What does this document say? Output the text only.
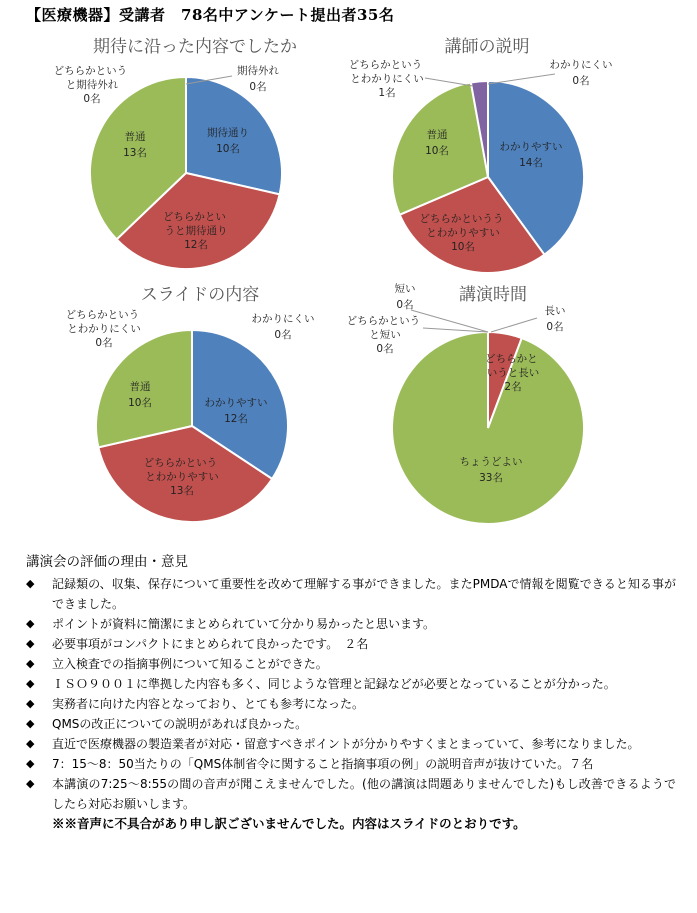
【医療機器】受講者　78名中アンケート提出者35名
期待に沿った内容でしたか
期待通り
10名
どちらかとい うと期待通り
12名
普通
13名
どちらかという と期待外れ
0名
期待外れ
0名
講師の説明
わかりやすい
14名
どちらかというう とわかりやすい
10名
普通
10名
どちらかという とわかりにくい
1名
わかりにくい
0名
スライドの内容
わかりやすい
12名
どちらかという とわかりやすい
13名
普通
10名
どちらかという とわかりにくい
0名
わかりにくい
0名
講演時間
ちょうどよい
33名
どちらかと いうと長い
2名
短い
0名
どちらかという と短い
0名
長い
0名
講演会の評価の理由・意見
◆ 記録類の、収集、保存について重要性を改めて理解する事ができました。またPMDAで情報を閲覧できると知る事ができました。
◆ ポイントが資料に簡潔にまとめられていて分かり易かったと思います。
◆ 必要事項がコンパクトにまとめられて良かったです。　２名
◆ 立入検査での指摘事例について知ることができた。
◆ ＩＳＯ９００１に準拠した内容も多く、同じような管理と記録などが必要となっていることが分かった。
◆ 実務者に向けた内容となっており、とても参考になった。
◆ QMSの改正についての説明があれば良かった。
◆ 直近で医療機器の製造業者が対応・留意すべきポイントが分かりやすくまとまっていて、参考になりました。
◆ 7：15～8：50当たりの「QMS体制省令に関すること指摘事項の例」の説明音声が抜けていた。７名
◆ 本講演の7:25～8:55の間の音声が聞こえませんでした。(他の講演は問題ありませんでした)もし改善できるようでしたら対応お願いします。
※※音声に不具合があり申し訳ございませんでした。内容はスライドのとおりです。
